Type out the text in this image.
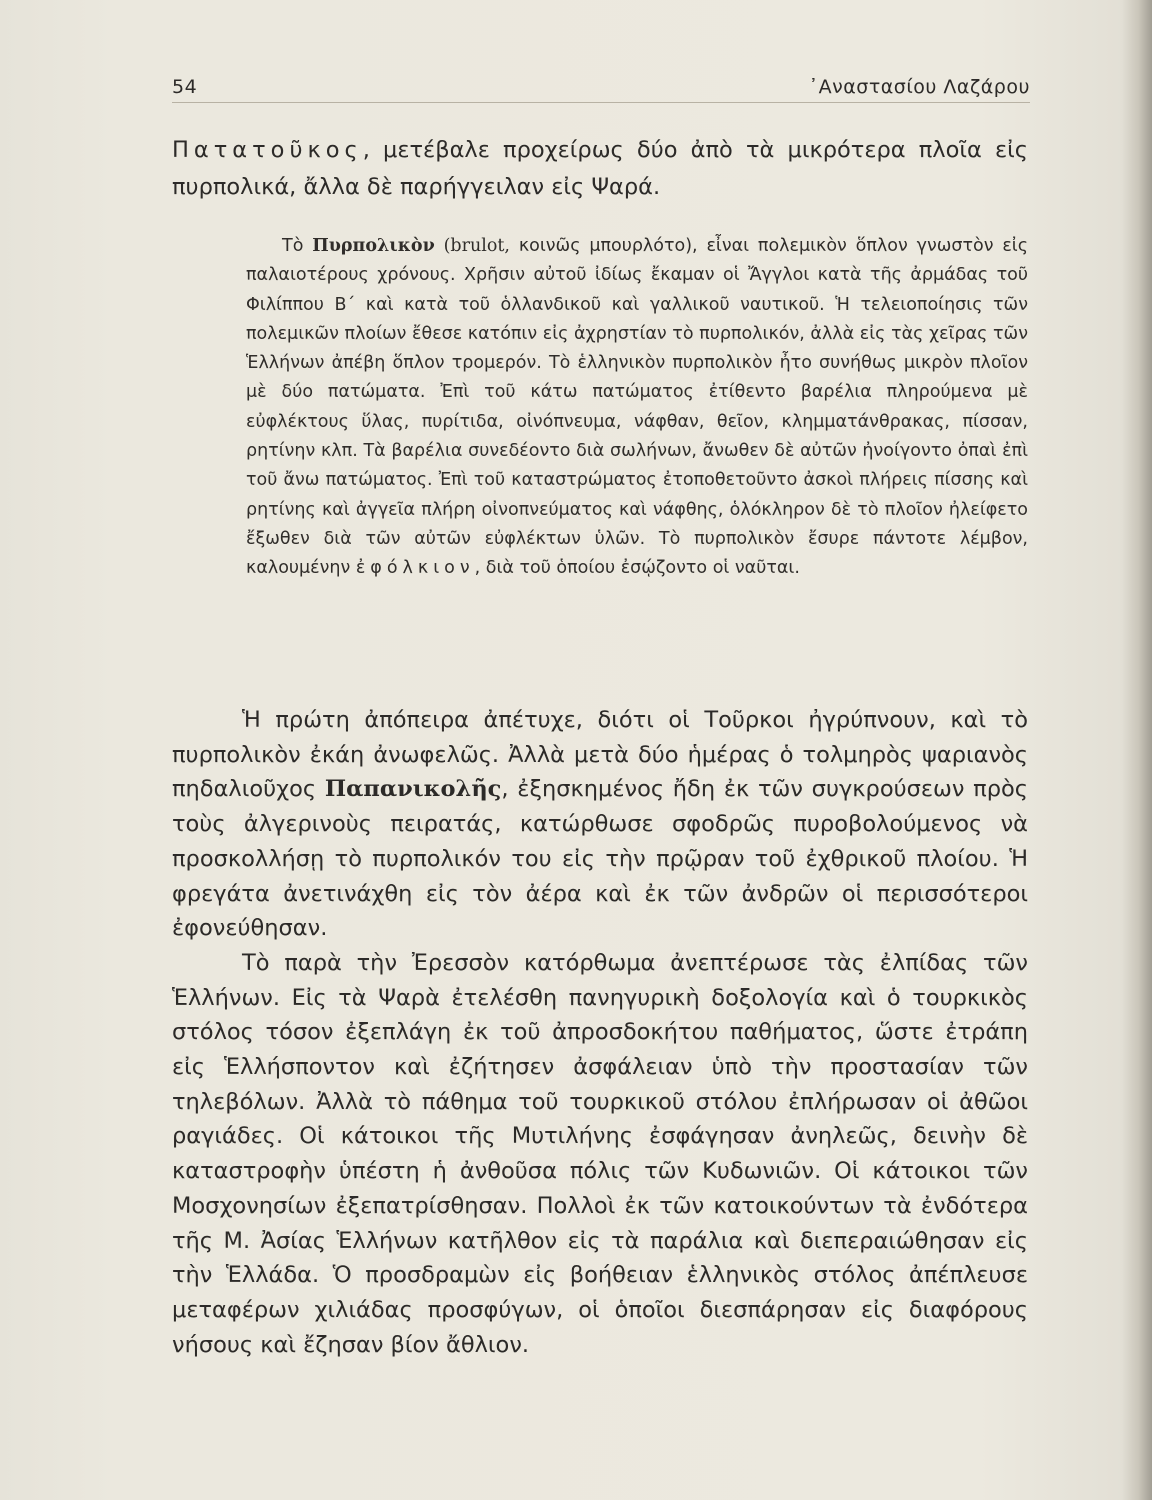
54	᾽Αναστασίου Λαζάρου
Πατατοῦκος, μετέβαλε προχείρως δύο ἀπὸ τὰ μικρότερα πλοῖα εἰς πυρπολικά, ἄλλα δὲ παρήγγειλαν εἰς Ψαρά.

Τὸ Πυρπολικὸν (brulot, κοινῶς μπουρλότο), εἶναι πολεμικὸν ὅπλον γνωστὸν εἰς παλαιοτέρους χρόνους. Χρῆσιν αὐτοῦ ἰδίως ἔκαμαν οἱ Ἄγγλοι κατὰ τῆς ἀρμάδας τοῦ Φιλίππου Β΄ καὶ κατὰ τοῦ ὁλλανδικοῦ καὶ γαλλικοῦ ναυτικοῦ. Ἡ τελειοποίησις τῶν πολεμικῶν πλοίων ἔθεσε κατόπιν εἰς ἀχρηστίαν τὸ πυρπολικόν, ἀλλὰ εἰς τὰς χεῖρας τῶν Ἑλλήνων ἀπέβη ὅπλον τρομερόν. Τὸ ἑλληνικὸν πυρπολικὸν ἦτο συνήθως μικρὸν πλοῖον μὲ δύο πατώματα. Ἐπὶ τοῦ κάτω πατώματος ἐτίθεντο βαρέλια πληρούμενα μὲ εὐφλέκτους ὕλας, πυρίτιδα, οἰνόπνευμα, νάφθαν, θεῖον, κλημματάνθρακας, πίσσαν, ρητίνην κλπ. Τὰ βαρέλια συνεδέοντο διὰ σωλήνων, ἄνωθεν δὲ αὐτῶν ἠνοίγοντο ὀπαὶ ἐπὶ τοῦ ἄνω πατώματος. Ἐπὶ τοῦ καταστρώματος ἐτοποθετοῦντο ἀσκοὶ πλήρεις πίσσης καὶ ρητίνης καὶ ἀγγεῖα πλήρη οἰνοπνεύματος καὶ νάφθης, ὁλόκληρον δὲ τὸ πλοῖον ἠλείφετο ἔξωθεν διὰ τῶν αὐτῶν εὐφλέκτων ὑλῶν. Τὸ πυρπολικὸν ἔσυρε πάντοτε λέμβον, καλουμένην ἐφόλκιον, διὰ τοῦ ὁποίου ἐσῴζοντο οἱ ναῦται.

Ἡ πρώτη ἀπόπειρα ἀπέτυχε, διότι οἱ Τοῦρκοι ἠγρύπνουν, καὶ τὸ πυρπολικὸν ἐκάη ἀνωφελῶς. Ἀλλὰ μετὰ δύο ἡμέρας ὁ τολμηρὸς ψαριανὸς πηδαλιοῦχος Παπανικολῆς, ἐξησκημένος ἤδη ἐκ τῶν συγκρούσεων πρὸς τοὺς ἀλγερινοὺς πειρατάς, κατώρθωσε σφοδρῶς πυροβολούμενος νὰ προσκολλήσῃ τὸ πυρπολικόν του εἰς τὴν πρῷραν τοῦ ἐχθρικοῦ πλοίου. Ἡ φρεγάτα ἀνετινάχθη εἰς τὸν ἀέρα καὶ ἐκ τῶν ἀνδρῶν οἱ περισσότεροι ἐφονεύθησαν.

Τὸ παρὰ τὴν Ἐρεσσὸν κατόρθωμα ἀνεπτέρωσε τὰς ἐλπίδας τῶν Ἑλλήνων. Εἰς τὰ Ψαρὰ ἐτελέσθη πανηγυρικὴ δοξολογία καὶ ὁ τουρκικὸς στόλος τόσον ἐξεπλάγη ἐκ τοῦ ἀπροσδοκήτου παθήματος, ὥστε ἐτράπη εἰς Ἑλλήσποντον καὶ ἐζήτησεν ἀσφάλειαν ὑπὸ τὴν προστασίαν τῶν τηλεβόλων. Ἀλλὰ τὸ πάθημα τοῦ τουρκικοῦ στόλου ἐπλήρωσαν οἱ ἀθῶοι ραγιάδες. Οἱ κάτοικοι τῆς Μυτιλήνης ἐσφάγησαν ἀνηλεῶς, δεινὴν δὲ καταστροφὴν ὑπέστη ἡ ἀνθοῦσα πόλις τῶν Κυδωνιῶν. Οἱ κάτοικοι τῶν Μοσχονησίων ἐξεπατρίσθησαν. Πολλοὶ ἐκ τῶν κατοικούντων τὰ ἐνδότερα τῆς Μ. Ἀσίας Ἑλλήνων κατῆλθον εἰς τὰ παράλια καὶ διεπεραιώθησαν εἰς τὴν Ἑλλάδα. Ὁ προσδραμὼν εἰς βοήθειαν ἑλληνικὸς στόλος ἀπέπλευσε μεταφέρων χιλιάδας προσφύγων, οἱ ὁποῖοι διεσπάρησαν εἰς διαφόρους νήσους καὶ ἔζησαν βίον ἄθλιον.
